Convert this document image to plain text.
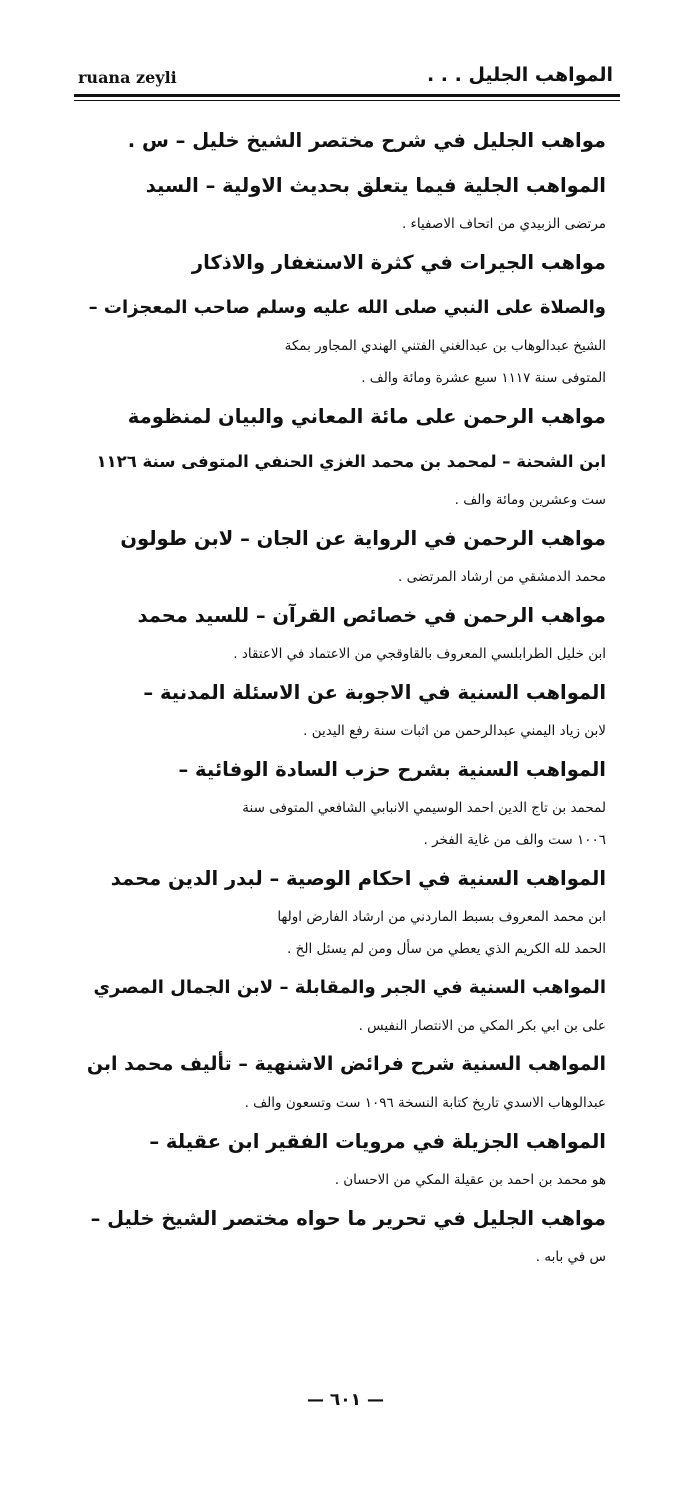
ruana zeyli	المواهب الجليل . . .
مواهب الجليل في شرح مختصر الشيخ خليل – س .
المواهب الجلية فيما يتعلق بحديث الاولية – السيد
مرتضى الزبيدي من اتحاف الاصفياء .
مواهب الجيرات في كثرة الاستغفار والاذكار
والصلاة على النبي صلى الله عليه وسلم صاحب المعجزات –
الشيخ عبدالوهاب بن عبدالغني الفتني الهندي المجاور بمكة
المتوفى سنة ١١١٧ سبع عشرة ومائة والف .
مواهب الرحمن على مائة المعاني والبيان لمنظومة
ابن الشحنة – لمحمد بن محمد الغزي الحنفي المتوفى سنة ١١٢٦
ست وعشرين ومائة والف .
مواهب الرحمن في الرواية عن الجان – لابن طولون
محمد الدمشقي من ارشاد المرتضى .
مواهب الرحمن في خصائص القرآن – للسيد محمد
ابن خليل الطرابلسي المعروف بالقاوقجي من الاعتماد في الاعتقاد .
المواهب السنية في الاجوبة عن الاسئلة المدنية –
لابن زياد اليمني عبدالرحمن من اثبات سنة رفع اليدين .
المواهب السنية بشرح حزب السادة الوفائية –
لمحمد بن تاج الدين احمد الوسيمي الانبابي الشافعي المتوفى سنة
١٠٠٦ ست والف من غاية الفخر .
المواهب السنية في احكام الوصية – لبدر الدين محمد
ابن محمد المعروف بسبط الماردني من ارشاد الفارض اولها
الحمد لله الكريم الذي يعطي من سأل ومن لم يسئل الخ .
المواهب السنية في الجبر والمقابلة – لابن الجمال المصري
على بن ابي بكر المكي من الانتصار النفيس .
المواهب السنية شرح فرائض الاشنهية – تأليف محمد ابن
عبدالوهاب الاسدي تاريخ كتابة النسخة ١٠٩٦ ست وتسعون والف .
المواهب الجزيلة في مرويات الفقير ابن عقيلة –
هو محمد بن احمد بن عقيلة المكي من الاحسان .
مواهب الجليل في تحرير ما حواه مختصر الشيخ خليل –
س في بابه .
— ٦٠١ —
